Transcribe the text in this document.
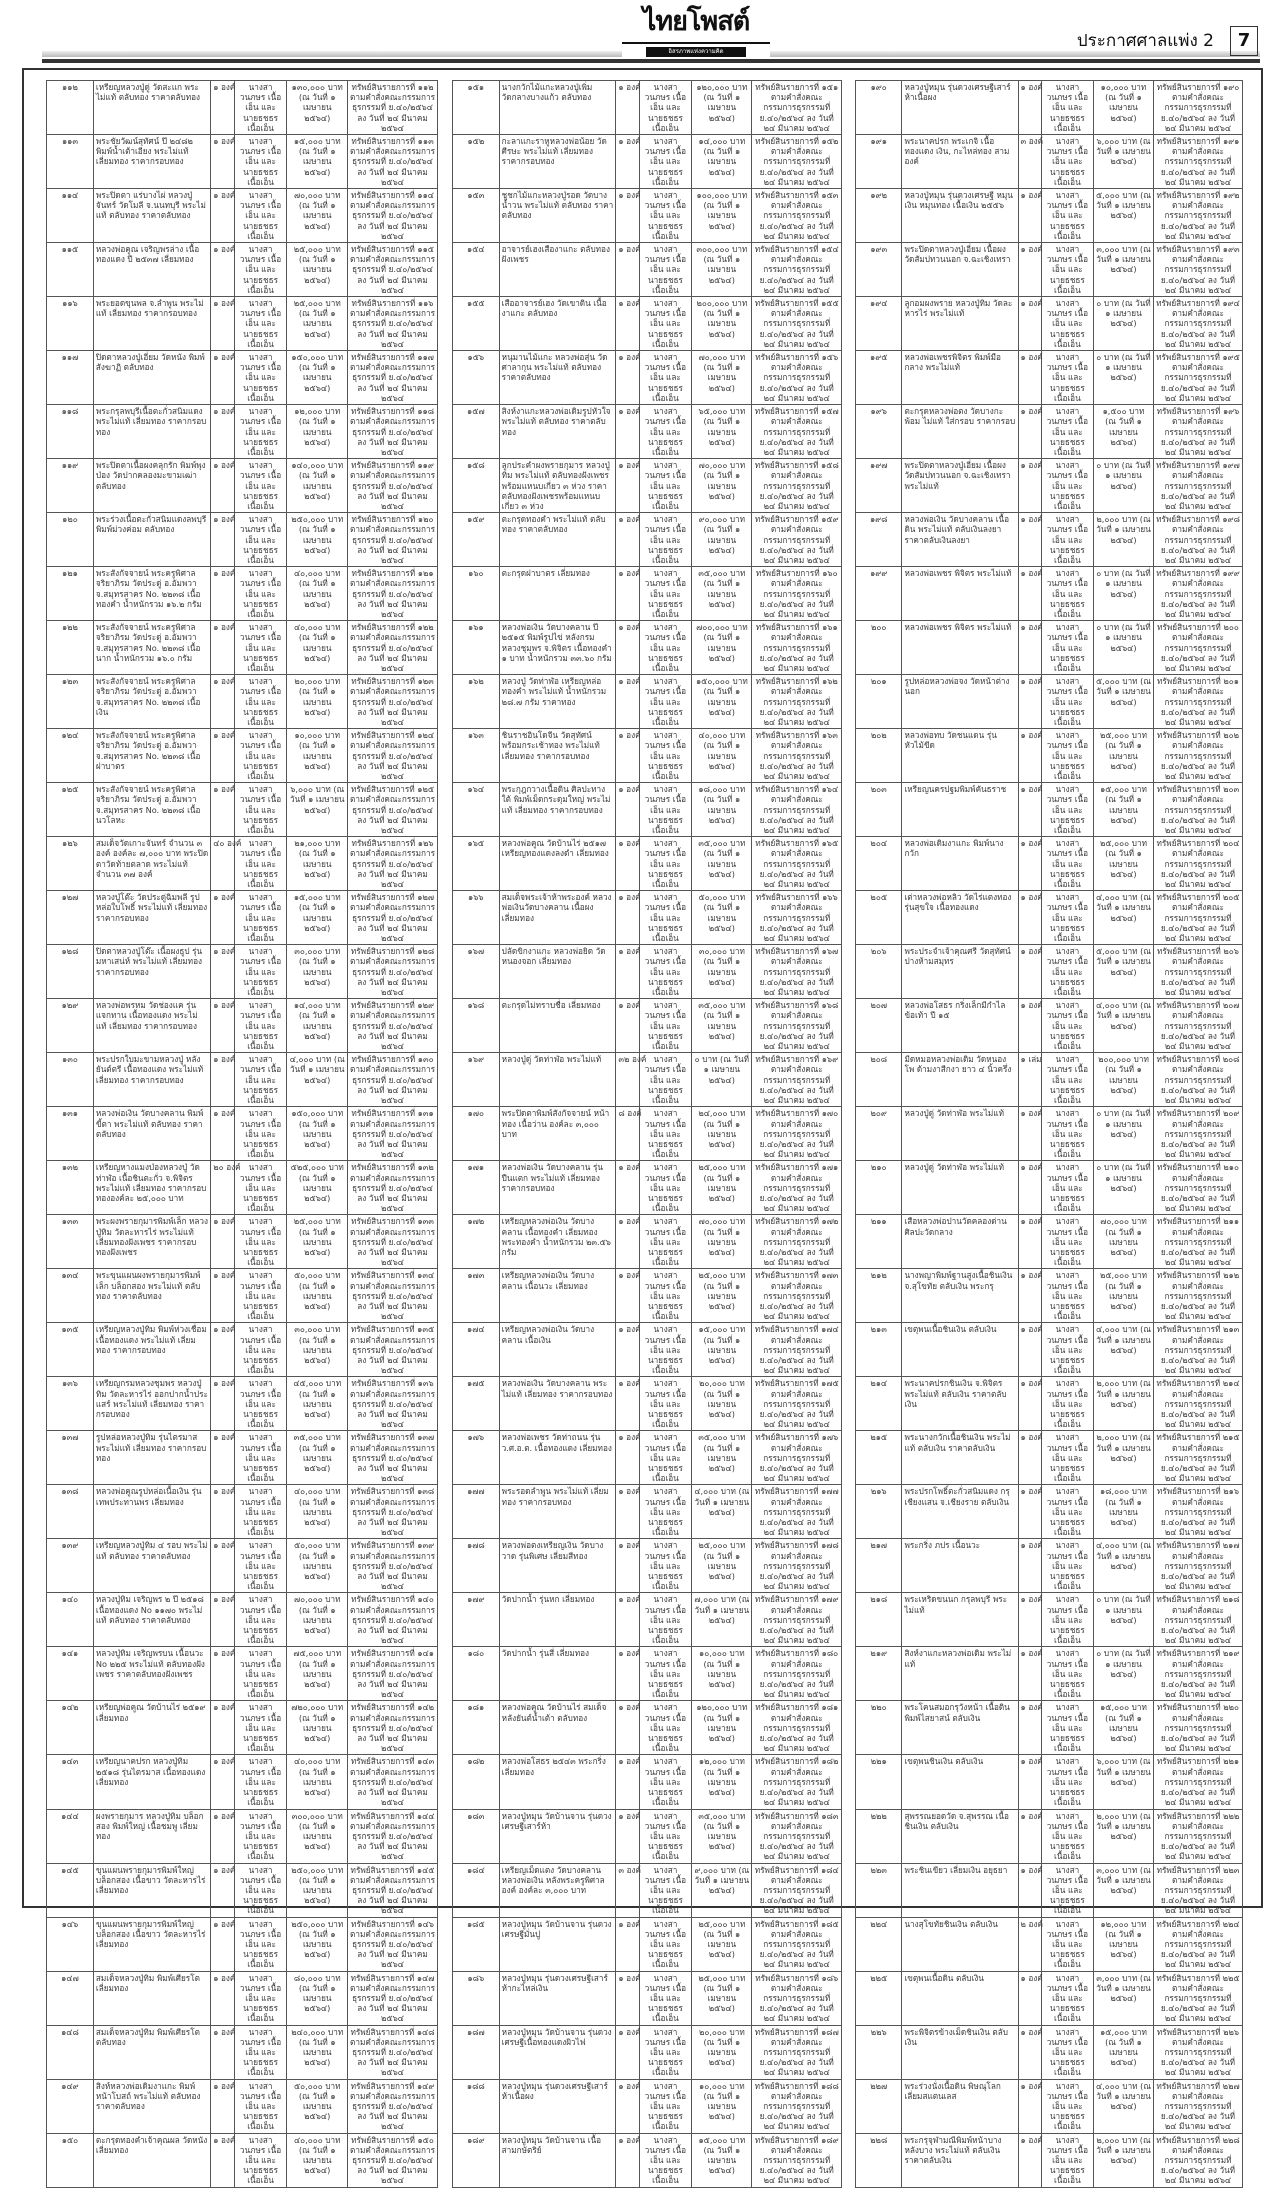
ไทยโพสต์
อิสรภาพแห่งความคิด
ประกาศศาลแพ่ง 2	7
๑๑๒	เหรียญหลวงปู่ดู่ วัดสะแก พระไม่แท้ ตลับทอง ราคาตลับทอง	๑ องค์	นางสาวนภษร เนื้อเอ็น และ นายธชธร เนื้อเอ็น	๑๓๐,๐๐๐ บาท (ณ วันที่ ๑ เมษายน ๒๕๖๔)	ทรัพย์สินรายการที่ ๑๑๒ ตามคำสั่งคณะกรรมการธุรกรรมที่ ย.๔๐/๒๕๖๔ ลง วันที่ ๒๔ มีนาคม ๒๕๖๔
๑๑๓	พระชัยวัฒน์สุทัศน์ ปี ๒๔๘๒ พิมพ์น้ำเต้าเอียง พระไม่แท้ เลี่ยมทอง ราคากรอบทอง	๑ องค์	นางสาวนภษร เนื้อเอ็น และ นายธชธร เนื้อเอ็น	๑๕,๐๐๐ บาท (ณ วันที่ ๑ เมษายน ๒๕๖๔)	ทรัพย์สินรายการที่ ๑๑๓ ตามคำสั่งคณะกรรมการธุรกรรมที่ ย.๔๐/๒๕๖๔ ลง วันที่ ๒๔ มีนาคม ๒๕๖๔
๑๑๔	พระปิดตา แร่บางไผ่ หลวงปู่จันทร์ วัดโมลี จ.นนทบุรี พระไม่แท้ ตลับทอง ราคาตลับทอง	๑ องค์	นางสาวนภษร เนื้อเอ็น และ นายธชธร เนื้อเอ็น	๗๐,๐๐๐ บาท (ณ วันที่ ๑ เมษายน ๒๕๖๔)	ทรัพย์สินรายการที่ ๑๑๔ ตามคำสั่งคณะกรรมการธุรกรรมที่ ย.๔๐/๒๕๖๔ ลง วันที่ ๒๔ มีนาคม ๒๕๖๔
๑๑๕	หลวงพ่อคูณ เจริญพรล่าง เนื้อทองแดง ปี ๒๕๓๗ เลี่ยมทอง	๑ องค์	นางสาวนภษร เนื้อเอ็น และ นายธชธร เนื้อเอ็น	๒๕,๐๐๐ บาท (ณ วันที่ ๑ เมษายน ๒๕๖๔)	ทรัพย์สินรายการที่ ๑๑๕ ตามคำสั่งคณะกรรมการธุรกรรมที่ ย.๔๐/๒๕๖๔ ลง วันที่ ๒๔ มีนาคม ๒๕๖๔
๑๑๖	พระยอดขุนพล จ.ลำพูน พระไม่แท้ เลี่ยมทอง ราคากรอบทอง	๑ องค์	นางสาวนภษร เนื้อเอ็น และ นายธชธร เนื้อเอ็น	๒๕,๐๐๐ บาท (ณ วันที่ ๑ เมษายน ๒๕๖๔)	ทรัพย์สินรายการที่ ๑๑๖ ตามคำสั่งคณะกรรมการธุรกรรมที่ ย.๔๐/๒๕๖๔ ลง วันที่ ๒๔ มีนาคม ๒๕๖๔
๑๑๗	ปิดตาหลวงปู่เอี่ยม วัดหนัง พิมพ์สังฆาฏิ ตลับทอง	๑ องค์	นางสาวนภษร เนื้อเอ็น และ นายธชธร เนื้อเอ็น	๑๕๐,๐๐๐ บาท (ณ วันที่ ๑ เมษายน ๒๕๖๔)	ทรัพย์สินรายการที่ ๑๑๗ ตามคำสั่งคณะกรรมการธุรกรรมที่ ย.๔๐/๒๕๖๔ ลง วันที่ ๒๔ มีนาคม ๒๕๖๔
๑๑๘	พระกรุลพบุรีเนื้อตะกั่วสนิมแดง พระไม่แท้ เลี่ยมทอง ราคากรอบทอง	๑ องค์	นางสาวนภษร เนื้อเอ็น และ นายธชธร เนื้อเอ็น	๑๒,๐๐๐ บาท (ณ วันที่ ๑ เมษายน ๒๕๖๔)	ทรัพย์สินรายการที่ ๑๑๘ ตามคำสั่งคณะกรรมการธุรกรรมที่ ย.๔๐/๒๕๖๔ ลง วันที่ ๒๔ มีนาคม ๒๕๖๔
๑๑๙	พระปิดตาเนื้อผงคลุกรัก พิมพ์พุงป่อง วัดปากคลองมะขามเฒ่า ตลับทอง	๑ องค์	นางสาวนภษร เนื้อเอ็น และ นายธชธร เนื้อเอ็น	๑๔๐,๐๐๐ บาท (ณ วันที่ ๑ เมษายน ๒๕๖๔)	ทรัพย์สินรายการที่ ๑๑๙ ตามคำสั่งคณะกรรมการธุรกรรมที่ ย.๔๐/๒๕๖๔ ลง วันที่ ๒๔ มีนาคม ๒๕๖๔
๑๒๐	พระร่วงเนื้อตะกั่วสนิมแดงลพบุรี พิมพ์ม่วงค่อม ตลับทอง	๑ องค์	นางสาวนภษร เนื้อเอ็น และ นายธชธร เนื้อเอ็น	๒๕๐,๐๐๐ บาท (ณ วันที่ ๑ เมษายน ๒๕๖๔)	ทรัพย์สินรายการที่ ๑๒๐ ตามคำสั่งคณะกรรมการธุรกรรมที่ ย.๔๐/๒๕๖๔ ลง วันที่ ๒๔ มีนาคม ๒๕๖๔
๑๒๑	พระสังกัจจายน์ พระครูพิศาลจริยาภิรม วัดประดู่ อ.อัมพวา จ.สมุทรสาคร No. ๒๒๓๘ เนื้อทองคำ น้ำหนักรวม ๑๖.๒ กรัม	๑ องค์	นางสาวนภษร เนื้อเอ็น และ นายธชธร เนื้อเอ็น	๔๐,๐๐๐ บาท (ณ วันที่ ๑ เมษายน ๒๕๖๔)	ทรัพย์สินรายการที่ ๑๒๑ ตามคำสั่งคณะกรรมการธุรกรรมที่ ย.๔๐/๒๕๖๔ ลง วันที่ ๒๔ มีนาคม ๒๕๖๔
๑๒๒	พระสังกัจจายน์ พระครูพิศาลจริยาภิรม วัดประดู่ อ.อัมพวา จ.สมุทรสาคร No. ๒๒๓๘ เนื้อนาก น้ำหนักรวม ๑๖.๐ กรัม	๑ องค์	นางสาวนภษร เนื้อเอ็น และ นายธชธร เนื้อเอ็น	๔๐,๐๐๐ บาท (ณ วันที่ ๑ เมษายน ๒๕๖๔)	ทรัพย์สินรายการที่ ๑๒๒ ตามคำสั่งคณะกรรมการธุรกรรมที่ ย.๔๐/๒๕๖๔ ลง วันที่ ๒๔ มีนาคม ๒๕๖๔
๑๒๓	พระสังกัจจายน์ พระครูพิศาลจริยาภิรม วัดประดู่ อ.อัมพวา จ.สมุทรสาคร No. ๒๒๓๘ เนื้อเงิน	๑ องค์	นางสาวนภษร เนื้อเอ็น และ นายธชธร เนื้อเอ็น	๒๐,๐๐๐ บาท (ณ วันที่ ๑ เมษายน ๒๕๖๔)	ทรัพย์สินรายการที่ ๑๒๓ ตามคำสั่งคณะกรรมการธุรกรรมที่ ย.๔๐/๒๕๖๔ ลง วันที่ ๒๔ มีนาคม ๒๕๖๔
๑๒๔	พระสังกัจจายน์ พระครูพิศาลจริยาภิรม วัดประดู่ อ.อัมพวา จ.สมุทรสาคร No. ๒๒๓๘ เนื้อฝาบาตร	๑ องค์	นางสาวนภษร เนื้อเอ็น และ นายธชธร เนื้อเอ็น	๑๐,๐๐๐ บาท (ณ วันที่ ๑ เมษายน ๒๕๖๔)	ทรัพย์สินรายการที่ ๑๒๔ ตามคำสั่งคณะกรรมการธุรกรรมที่ ย.๔๐/๒๕๖๔ ลง วันที่ ๒๔ มีนาคม ๒๕๖๔
๑๒๕	พระสังกัจจายน์ พระครูพิศาลจริยาภิรม วัดประดู่ อ.อัมพวา จ.สมุทรสาคร No. ๒๒๓๘ เนื้อนวโลหะ	๑ องค์	นางสาวนภษร เนื้อเอ็น และ นายธชธร เนื้อเอ็น	๖,๐๐๐ บาท (ณ วันที่ ๑ เมษายน ๒๕๖๔)	ทรัพย์สินรายการที่ ๑๒๕ ตามคำสั่งคณะกรรมการธุรกรรมที่ ย.๔๐/๒๕๖๔ ลง วันที่ ๒๔ มีนาคม ๒๕๖๔
๑๒๖	สมเด็จวัดเกาะจันทร์ จำนวน ๓ องค์ องค์ละ ๗,๐๐๐ บาท พระปิดตาวัดท้ายตลาด พระไม่แท้ จำนวน ๓๗ องค์	๔๐ องค์	นางสาวนภษร เนื้อเอ็น และ นายธชธร เนื้อเอ็น	๒๑,๐๐๐ บาท (ณ วันที่ ๑ เมษายน ๒๕๖๔)	ทรัพย์สินรายการที่ ๑๒๖ ตามคำสั่งคณะกรรมการธุรกรรมที่ ย.๔๐/๒๕๖๔ ลง วันที่ ๒๔ มีนาคม ๒๕๖๔
๑๒๗	หลวงปู่โต๊ะ วัดประดู่ฉิมพลี รูปหล่อใบโพธิ์ พระไม่แท้ เลี่ยมทอง ราคากรอบทอง	๑ องค์	นางสาวนภษร เนื้อเอ็น และ นายธชธร เนื้อเอ็น	๑๕,๐๐๐ บาท (ณ วันที่ ๑ เมษายน ๒๕๖๔)	ทรัพย์สินรายการที่ ๑๒๗ ตามคำสั่งคณะกรรมการธุรกรรมที่ ย.๔๐/๒๕๖๔ ลง วันที่ ๒๔ มีนาคม ๒๕๖๔
๑๒๘	ปิดตาหลวงปู่โต๊ะ เนื้อผงธูป รุ่นมหาเสน่ห์ พระไม่แท้ เลี่ยมทอง ราคากรอบทอง	๑ องค์	นางสาวนภษร เนื้อเอ็น และ นายธชธร เนื้อเอ็น	๓๐,๐๐๐ บาท (ณ วันที่ ๑ เมษายน ๒๕๖๔)	ทรัพย์สินรายการที่ ๑๒๘ ตามคำสั่งคณะกรรมการธุรกรรมที่ ย.๔๐/๒๕๖๔ ลง วันที่ ๒๔ มีนาคม ๒๕๖๔
๑๒๙	หลวงพ่อพรหม วัดช่องแค รุ่นแจกทาน เนื้อทองแดง พระไม่แท้ เลี่ยมทอง ราคากรอบทอง	๑ องค์	นางสาวนภษร เนื้อเอ็น และ นายธชธร เนื้อเอ็น	๑๔,๐๐๐ บาท (ณ วันที่ ๑ เมษายน ๒๕๖๔)	ทรัพย์สินรายการที่ ๑๒๙ ตามคำสั่งคณะกรรมการธุรกรรมที่ ย.๔๐/๒๕๖๔ ลง วันที่ ๒๔ มีนาคม ๒๕๖๔
๑๓๐	พระปรกใบมะขามหลวงปู่ หลังยันต์ตรี เนื้อทองแดง พระไม่แท้ เลี่ยมทอง ราคากรอบทอง	๑ องค์	นางสาวนภษร เนื้อเอ็น และ นายธชธร เนื้อเอ็น	๔,๐๐๐ บาท (ณ วันที่ ๑ เมษายน ๒๕๖๔)	ทรัพย์สินรายการที่ ๑๓๐ ตามคำสั่งคณะกรรมการธุรกรรมที่ ย.๔๐/๒๕๖๔ ลง วันที่ ๒๔ มีนาคม ๒๕๖๔
๑๓๑	หลวงพ่อเงิน วัดบางคลาน พิมพ์ขี้ตา พระไม่แท้ ตลับทอง ราคาตลับทอง	๑ องค์	นางสาวนภษร เนื้อเอ็น และ นายธชธร เนื้อเอ็น	๑๕๐,๐๐๐ บาท (ณ วันที่ ๑ เมษายน ๒๕๖๔)	ทรัพย์สินรายการที่ ๑๓๑ ตามคำสั่งคณะกรรมการธุรกรรมที่ ย.๔๐/๒๕๖๔ ลง วันที่ ๒๔ มีนาคม ๒๕๖๔
๑๓๒	เหรียญหางแมงป่องหลวงปู่ วัดท่าฬ่อ เนื้อชินตะกั่ว จ.พิจิตร พระไม่แท้ เลี่ยมทอง ราคากรอบทององค์ละ ๒๕,๐๐๐ บาท	๒๐ องค์	นางสาวนภษร เนื้อเอ็น และ นายธชธร เนื้อเอ็น	๕๒๕,๐๐๐ บาท (ณ วันที่ ๑ เมษายน ๒๕๖๔)	ทรัพย์สินรายการที่ ๑๓๒ ตามคำสั่งคณะกรรมการธุรกรรมที่ ย.๔๐/๒๕๖๔ ลง วันที่ ๒๔ มีนาคม ๒๕๖๔
๑๓๓	พระผงพรายกุมารพิมพ์เล็ก หลวงปู่ทิม วัดละหารไร่ พระไม่แท้ เลี่ยมทองฝังเพชร ราคากรอบทองฝังเพชร	๑ องค์	นางสาวนภษร เนื้อเอ็น และ นายธชธร เนื้อเอ็น	๒๕,๐๐๐ บาท (ณ วันที่ ๑ เมษายน ๒๕๖๔)	ทรัพย์สินรายการที่ ๑๓๓ ตามคำสั่งคณะกรรมการธุรกรรมที่ ย.๔๐/๒๕๖๔ ลง วันที่ ๒๔ มีนาคม ๒๕๖๔
๑๓๔	พระขุนแผนผงพรายกุมารพิมพ์เล็ก บล็อกสอง พระไม่แท้ ตลับทอง ราคาตลับทอง	๑ องค์	นางสาวนภษร เนื้อเอ็น และ นายธชธร เนื้อเอ็น	๕๐,๐๐๐ บาท (ณ วันที่ ๑ เมษายน ๒๕๖๔)	ทรัพย์สินรายการที่ ๑๓๔ ตามคำสั่งคณะกรรมการธุรกรรมที่ ย.๔๐/๒๕๖๔ ลง วันที่ ๒๔ มีนาคม ๒๕๖๔
๑๓๕	เหรียญหลวงปู่ทิม พิมพ์ห่วงเชื่อม เนื้อทองแดง พระไม่แท้ เลี่ยมทอง ราคากรอบทอง	๑ องค์	นางสาวนภษร เนื้อเอ็น และ นายธชธร เนื้อเอ็น	๓๐,๐๐๐ บาท (ณ วันที่ ๑ เมษายน ๒๕๖๔)	ทรัพย์สินรายการที่ ๑๓๕ ตามคำสั่งคณะกรรมการธุรกรรมที่ ย.๔๐/๒๕๖๔ ลง วันที่ ๒๔ มีนาคม ๒๕๖๔
๑๓๖	เหรียญกรมหลวงชุมพร หลวงปู่ทิม วัดละหารไร่ ออกปากน้ำประแสร์ พระไม่แท้ เลี่ยมทอง ราคากรอบทอง	๑ องค์	นางสาวนภษร เนื้อเอ็น และ นายธชธร เนื้อเอ็น	๔๕,๐๐๐ บาท (ณ วันที่ ๑ เมษายน ๒๕๖๔)	ทรัพย์สินรายการที่ ๑๓๖ ตามคำสั่งคณะกรรมการธุรกรรมที่ ย.๔๐/๒๕๖๔ ลง วันที่ ๒๔ มีนาคม ๒๕๖๔
๑๓๗	รูปหล่อหลวงปู่ทิม รุ่นไตรมาส พระไม่แท้ เลี่ยมทอง ราคากรอบทอง	๑ องค์	นางสาวนภษร เนื้อเอ็น และ นายธชธร เนื้อเอ็น	๓๕,๐๐๐ บาท (ณ วันที่ ๑ เมษายน ๒๕๖๔)	ทรัพย์สินรายการที่ ๑๓๗ ตามคำสั่งคณะกรรมการธุรกรรมที่ ย.๔๐/๒๕๖๔ ลง วันที่ ๒๔ มีนาคม ๒๕๖๔
๑๓๘	หลวงพ่อคูณรูปหล่อเนื้อเงิน รุ่นเทพประทานพร เลี่ยมทอง	๑ องค์	นางสาวนภษร เนื้อเอ็น และ นายธชธร เนื้อเอ็น	๔๐,๐๐๐ บาท (ณ วันที่ ๑ เมษายน ๒๕๖๔)	ทรัพย์สินรายการที่ ๑๓๘ ตามคำสั่งคณะกรรมการธุรกรรมที่ ย.๔๐/๒๕๖๔ ลง วันที่ ๒๔ มีนาคม ๒๕๖๔
๑๓๙	เหรียญหลวงปู่ทิม ๔ รอบ พระไม่แท้ ตลับทอง ราคาตลับทอง	๑ องค์	นางสาวนภษร เนื้อเอ็น และ นายธชธร เนื้อเอ็น	๕๐,๐๐๐ บาท (ณ วันที่ ๑ เมษายน ๒๕๖๔)	ทรัพย์สินรายการที่ ๑๓๙ ตามคำสั่งคณะกรรมการธุรกรรมที่ ย.๔๐/๒๕๖๔ ลง วันที่ ๒๔ มีนาคม ๒๕๖๔
๑๔๐	หลวงปู่ทิม เจริญพร ๒ ปี ๒๕๑๘ เนื้อทองแดง No ๑๑๗๐ พระไม่แท้ ตลับทอง ราคาตลับทอง	๑ องค์	นางสาวนภษร เนื้อเอ็น และ นายธชธร เนื้อเอ็น	๗๐,๐๐๐ บาท (ณ วันที่ ๑ เมษายน ๒๕๖๔)	ทรัพย์สินรายการที่ ๑๔๐ ตามคำสั่งคณะกรรมการธุรกรรมที่ ย.๔๐/๒๕๖๔ ลง วันที่ ๒๔ มีนาคม ๒๕๖๔
๑๔๑	หลวงปู่ทิม เจริญพรบน เนื้อนวะ No ๒๒๕ พระไม่แท้ ตลับทองฝังเพชร ราคาตลับทองฝังเพชร	๑ องค์	นางสาวนภษร เนื้อเอ็น และ นายธชธร เนื้อเอ็น	๗๕,๐๐๐ บาท (ณ วันที่ ๑ เมษายน ๒๕๖๔)	ทรัพย์สินรายการที่ ๑๔๑ ตามคำสั่งคณะกรรมการธุรกรรมที่ ย.๔๐/๒๕๖๔ ลง วันที่ ๒๔ มีนาคม ๒๕๖๔
๑๔๒	เหรียญพ่อคูณ วัดบ้านไร่ ๒๕๑๙ เลี่ยมทอง	๑ องค์	นางสาวนภษร เนื้อเอ็น และ นายธชธร เนื้อเอ็น	๗๒๐,๐๐๐ บาท (ณ วันที่ ๑ เมษายน ๒๕๖๔)	ทรัพย์สินรายการที่ ๑๔๒ ตามคำสั่งคณะกรรมการธุรกรรมที่ ย.๔๐/๒๕๖๔ ลง วันที่ ๒๔ มีนาคม ๒๕๖๔
๑๔๓	เหรียญนาคปรก หลวงปู่ทิม ๒๕๑๘ รุ่นไตรมาส เนื้อทองแดง เลี่ยมทอง	๑ องค์	นางสาวนภษร เนื้อเอ็น และ นายธชธร เนื้อเอ็น	๔๐,๐๐๐ บาท (ณ วันที่ ๑ เมษายน ๒๕๖๔)	ทรัพย์สินรายการที่ ๑๔๓ ตามคำสั่งคณะกรรมการธุรกรรมที่ ย.๔๐/๒๕๖๔ ลง วันที่ ๒๔ มีนาคม ๒๕๖๔
๑๔๔	ผงพรายกุมาร หลวงปู่ทิม บล็อกสอง พิมพ์ใหญ่ เนื้อชมพู เลี่ยมทอง	๑ องค์	นางสาวนภษร เนื้อเอ็น และ นายธชธร เนื้อเอ็น	๓๐๐,๐๐๐ บาท (ณ วันที่ ๑ เมษายน ๒๕๖๔)	ทรัพย์สินรายการที่ ๑๔๔ ตามคำสั่งคณะกรรมการธุรกรรมที่ ย.๔๐/๒๕๖๔ ลง วันที่ ๒๔ มีนาคม ๒๕๖๔
๑๔๕	ขุนแผนพรายกุมารพิมพ์ใหญ่ บล็อกสอง เนื้อขาว วัดละหารไร่ เลี่ยมทอง	๑ องค์	นางสาวนภษร เนื้อเอ็น และ นายธชธร เนื้อเอ็น	๒๕๐,๐๐๐ บาท (ณ วันที่ ๑ เมษายน ๒๕๖๔)	ทรัพย์สินรายการที่ ๑๔๕ ตามคำสั่งคณะกรรมการธุรกรรมที่ ย.๔๐/๒๕๖๔ ลง วันที่ ๒๔ มีนาคม ๒๕๖๔
๑๔๖	ขุนแผนพรายกุมารพิมพ์ใหญ่ บล็อกสอง เนื้อขาว วัดละหารไร่ เลี่ยมทอง	๑ องค์	นางสาวนภษร เนื้อเอ็น และ นายธชธร เนื้อเอ็น	๒๕๐,๐๐๐ บาท (ณ วันที่ ๑ เมษายน ๒๕๖๔)	ทรัพย์สินรายการที่ ๑๔๖ ตามคำสั่งคณะกรรมการธุรกรรมที่ ย.๔๐/๒๕๖๔ ลง วันที่ ๒๔ มีนาคม ๒๕๖๔
๑๔๗	สมเด็จหลวงปู่ทิม พิมพ์เศียรโต เลี่ยมทอง	๑ องค์	นางสาวนภษร เนื้อเอ็น และ นายธชธร เนื้อเอ็น	๘๐,๐๐๐ บาท (ณ วันที่ ๑ เมษายน ๒๕๖๔)	ทรัพย์สินรายการที่ ๑๔๗ ตามคำสั่งคณะกรรมการธุรกรรมที่ ย.๔๐/๒๕๖๔ ลง วันที่ ๒๔ มีนาคม ๒๕๖๔
๑๔๘	สมเด็จหลวงปู่ทิม พิมพ์เศียรโต ตลับทอง	๑ องค์	นางสาวนภษร เนื้อเอ็น และ นายธชธร เนื้อเอ็น	๒๔๐,๐๐๐ บาท (ณ วันที่ ๑ เมษายน ๒๕๖๔)	ทรัพย์สินรายการที่ ๑๔๘ ตามคำสั่งคณะกรรมการธุรกรรมที่ ย.๔๐/๒๕๖๔ ลง วันที่ ๒๔ มีนาคม ๒๕๖๔
๑๔๙	สิงห์หลวงพ่อเดิมงาแกะ พิมพ์หน้าโบสถ์ พระไม่แท้ ตลับทอง ราคาตลับทอง	๑ องค์	นางสาวนภษร เนื้อเอ็น และ นายธชธร เนื้อเอ็น	๕๐,๐๐๐ บาท (ณ วันที่ ๑ เมษายน ๒๕๖๔)	ทรัพย์สินรายการที่ ๑๔๙ ตามคำสั่งคณะกรรมการธุรกรรมที่ ย.๔๐/๒๕๖๔ ลง วันที่ ๒๔ มีนาคม ๒๕๖๔
๑๕๐	ตะกรุดทองคำเจ้าคุณผล วัดหนัง เลี่ยมทอง	๑ องค์	นางสาวนภษร เนื้อเอ็น และ นายธชธร เนื้อเอ็น	๔๐,๐๐๐ บาท (ณ วันที่ ๑ เมษายน ๒๕๖๔)	ทรัพย์สินรายการที่ ๑๕๐ ตามคำสั่งคณะกรรมการธุรกรรมที่ ย.๔๐/๒๕๖๔ ลง วันที่ ๒๔ มีนาคม ๒๕๖๔
๑๕๑	นางกวักไม้แกะหลวงปู่เพิ่ม วัดกลางบางแก้ว ตลับทอง	๑ องค์	นางสาวนภษร เนื้อเอ็น และ นายธชธร เนื้อเอ็น	๑๒๐,๐๐๐ บาท (ณ วันที่ ๑ เมษายน ๒๕๖๔)	ทรัพย์สินรายการที่ ๑๕๑ ตามคำสั่งคณะกรรมการธุรกรรมที่ ย.๔๐/๒๕๖๔ ลง วันที่ ๒๔ มีนาคม ๒๕๖๔
๑๕๒	กะลาแกะราหูหลวงพ่อน้อย วัดศีรษะ พระไม่แท้ เลี่ยมทอง ราคากรอบทอง	๑ องค์	นางสาวนภษร เนื้อเอ็น และ นายธชธร เนื้อเอ็น	๑๔,๐๐๐ บาท (ณ วันที่ ๑ เมษายน ๒๕๖๔)	ทรัพย์สินรายการที่ ๑๕๒ ตามคำสั่งคณะกรรมการธุรกรรมที่ ย.๔๐/๒๕๖๔ ลง วันที่ ๒๔ มีนาคม ๒๕๖๔
๑๕๓	ชูชกไม้แกะหลวงปู่รอด วัดบางน้ำวน พระไม่แท้ ตลับทอง ราคาตลับทอง	๑ องค์	นางสาวนภษร เนื้อเอ็น และ นายธชธร เนื้อเอ็น	๑๐๐,๐๐๐ บาท (ณ วันที่ ๑ เมษายน ๒๕๖๔)	ทรัพย์สินรายการที่ ๑๕๓ ตามคำสั่งคณะกรรมการธุรกรรมที่ ย.๔๐/๒๕๖๔ ลง วันที่ ๒๔ มีนาคม ๒๕๖๔
๑๕๔	อาจารย์เฮงเสืองาแกะ ตลับทองฝังเพชร	๑ องค์	นางสาวนภษร เนื้อเอ็น และ นายธชธร เนื้อเอ็น	๓๐๐,๐๐๐ บาท (ณ วันที่ ๑ เมษายน ๒๕๖๔)	ทรัพย์สินรายการที่ ๑๕๔ ตามคำสั่งคณะกรรมการธุรกรรมที่ ย.๔๐/๒๕๖๔ ลง วันที่ ๒๔ มีนาคม ๒๕๖๔
๑๕๕	เสืออาจารย์เฮง วัดเขาดิน เนื้องาแกะ ตลับทอง	๑ องค์	นางสาวนภษร เนื้อเอ็น และ นายธชธร เนื้อเอ็น	๒๐๐,๐๐๐ บาท (ณ วันที่ ๑ เมษายน ๒๕๖๔)	ทรัพย์สินรายการที่ ๑๕๕ ตามคำสั่งคณะกรรมการธุรกรรมที่ ย.๔๐/๒๕๖๔ ลง วันที่ ๒๔ มีนาคม ๒๕๖๔
๑๕๖	หนุมานไม้แกะ หลวงพ่อสุ่น วัดศาลากุน พระไม่แท้ ตลับทอง ราคาตลับทอง	๑ องค์	นางสาวนภษร เนื้อเอ็น และ นายธชธร เนื้อเอ็น	๗๐,๐๐๐ บาท (ณ วันที่ ๑ เมษายน ๒๕๖๔)	ทรัพย์สินรายการที่ ๑๕๖ ตามคำสั่งคณะกรรมการธุรกรรมที่ ย.๔๐/๒๕๖๔ ลง วันที่ ๒๔ มีนาคม ๒๕๖๔
๑๕๗	สิงห์งาแกะหลวงพ่อเดิมรูปหัวใจ พระไม่แท้ ตลับทอง ราคาตลับทอง	๑ องค์	นางสาวนภษร เนื้อเอ็น และ นายธชธร เนื้อเอ็น	๖๕,๐๐๐ บาท (ณ วันที่ ๑ เมษายน ๒๕๖๔)	ทรัพย์สินรายการที่ ๑๕๗ ตามคำสั่งคณะกรรมการธุรกรรมที่ ย.๔๐/๒๕๖๔ ลง วันที่ ๒๔ มีนาคม ๒๕๖๔
๑๕๘	ลูกประคำผงพรายกุมาร หลวงปู่ทิม พระไม่แท้ ตลับทองฝังเพชรพร้อมแหนบเกี่ยว ๓ ห่วง ราคาตลับทองฝังเพชรพร้อมแหนบเกี่ยว ๓ ห่วง	๑ องค์	นางสาวนภษร เนื้อเอ็น และ นายธชธร เนื้อเอ็น	๗๐,๐๐๐ บาท (ณ วันที่ ๑ เมษายน ๒๕๖๔)	ทรัพย์สินรายการที่ ๑๕๘ ตามคำสั่งคณะกรรมการธุรกรรมที่ ย.๔๐/๒๕๖๔ ลง วันที่ ๒๔ มีนาคม ๒๕๖๔
๑๕๙	ตะกรุดทองคำ พระไม่แท้ ตลับทอง ราคาตลับทอง	๑ องค์	นางสาวนภษร เนื้อเอ็น และ นายธชธร เนื้อเอ็น	๙๐,๐๐๐ บาท (ณ วันที่ ๑ เมษายน ๒๕๖๔)	ทรัพย์สินรายการที่ ๑๕๙ ตามคำสั่งคณะกรรมการธุรกรรมที่ ย.๔๐/๒๕๖๔ ลง วันที่ ๒๔ มีนาคม ๒๕๖๔
๑๖๐	ตะกรุดฝาบาตร เลี่ยมทอง	๑ องค์	นางสาวนภษร เนื้อเอ็น และ นายธชธร เนื้อเอ็น	๓๕,๐๐๐ บาท (ณ วันที่ ๑ เมษายน ๒๕๖๔)	ทรัพย์สินรายการที่ ๑๖๐ ตามคำสั่งคณะกรรมการธุรกรรมที่ ย.๔๐/๒๕๖๔ ลง วันที่ ๒๔ มีนาคม ๒๕๖๔
๑๖๑	หลวงพ่อเงิน วัดบางคลาน ปี ๒๕๑๕ พิมพ์รูปไข่ หลังกรมหลวงชุมพร จ.พิจิตร เนื้อทองคำ ๑ บาท น้ำหนักรวม ๓๓.๖๐ กรัม	๑ องค์	นางสาวนภษร เนื้อเอ็น และ นายธชธร เนื้อเอ็น	๗๐๐,๐๐๐ บาท (ณ วันที่ ๑ เมษายน ๒๕๖๔)	ทรัพย์สินรายการที่ ๑๖๑ ตามคำสั่งคณะกรรมการธุรกรรมที่ ย.๔๐/๒๕๖๔ ลง วันที่ ๒๔ มีนาคม ๒๕๖๔
๑๖๒	หลวงปู่ วัดท่าฬ่อ เหรียญหล่อทองคำ พระไม่แท้ น้ำหนักรวม ๒๘.๗ กรัม ราคาทอง	๑ องค์	นางสาวนภษร เนื้อเอ็น และ นายธชธร เนื้อเอ็น	๑๕๐,๐๐๐ บาท (ณ วันที่ ๑ เมษายน ๒๕๖๔)	ทรัพย์สินรายการที่ ๑๖๒ ตามคำสั่งคณะกรรมการธุรกรรมที่ ย.๔๐/๒๕๖๔ ลง วันที่ ๒๔ มีนาคม ๒๕๖๔
๑๖๓	ชินราชอินโดจีน วัดสุทัศน์ พร้อมกระเช้าทอง พระไม่แท้ เลี่ยมทอง ราคากรอบทอง	๑ องค์	นางสาวนภษร เนื้อเอ็น และ นายธชธร เนื้อเอ็น	๔๐,๐๐๐ บาท (ณ วันที่ ๑ เมษายน ๒๕๖๔)	ทรัพย์สินรายการที่ ๑๖๓ ตามคำสั่งคณะกรรมการธุรกรรมที่ ย.๔๐/๒๕๖๔ ลง วันที่ ๒๔ มีนาคม ๒๕๖๔
๑๖๔	พระกุฎกวางเนื้อดิน ศิลปะทางใต้ พิมพ์เม็ดกระดุมใหญ่ พระไม่แท้ เลี่ยมทอง ราคากรอบทอง	๑ องค์	นางสาวนภษร เนื้อเอ็น และ นายธชธร เนื้อเอ็น	๑๘,๐๐๐ บาท (ณ วันที่ ๑ เมษายน ๒๕๖๔)	ทรัพย์สินรายการที่ ๑๖๔ ตามคำสั่งคณะกรรมการธุรกรรมที่ ย.๔๐/๒๕๖๔ ลง วันที่ ๒๔ มีนาคม ๒๕๖๔
๑๖๕	หลวงพ่อคูณ วัดบ้านไร่ ๒๕๑๗ เหรียญทองแดงลงดำ เลี่ยมทอง	๑ องค์	นางสาวนภษร เนื้อเอ็น และ นายธชธร เนื้อเอ็น	๓๕,๐๐๐ บาท (ณ วันที่ ๑ เมษายน ๒๕๖๔)	ทรัพย์สินรายการที่ ๑๖๕ ตามคำสั่งคณะกรรมการธุรกรรมที่ ย.๔๐/๒๕๖๔ ลง วันที่ ๒๔ มีนาคม ๒๕๖๔
๑๖๖	สมเด็จพระเจ้าห้าพระองค์ หลวงพ่อเงินวัดบางคลาน เนื้อผง เลี่ยมทอง	๑ องค์	นางสาวนภษร เนื้อเอ็น และ นายธชธร เนื้อเอ็น	๕๐,๐๐๐ บาท (ณ วันที่ ๑ เมษายน ๒๕๖๔)	ทรัพย์สินรายการที่ ๑๖๖ ตามคำสั่งคณะกรรมการธุรกรรมที่ ย.๔๐/๒๕๖๔ ลง วันที่ ๒๔ มีนาคม ๒๕๖๔
๑๖๗	ปลัดขิกงาแกะ หลวงพ่อยิด วัดหนองจอก เลี่ยมทอง	๑ องค์	นางสาวนภษร เนื้อเอ็น และ นายธชธร เนื้อเอ็น	๓๐,๐๐๐ บาท (ณ วันที่ ๑ เมษายน ๒๕๖๔)	ทรัพย์สินรายการที่ ๑๖๗ ตามคำสั่งคณะกรรมการธุรกรรมที่ ย.๔๐/๒๕๖๔ ลง วันที่ ๒๔ มีนาคม ๒๕๖๔
๑๖๘	ตะกรุดไม่ทราบชื่อ เลี่ยมทอง	๑ องค์	นางสาวนภษร เนื้อเอ็น และ นายธชธร เนื้อเอ็น	๓๕,๐๐๐ บาท (ณ วันที่ ๑ เมษายน ๒๕๖๔)	ทรัพย์สินรายการที่ ๑๖๘ ตามคำสั่งคณะกรรมการธุรกรรมที่ ย.๔๐/๒๕๖๔ ลง วันที่ ๒๔ มีนาคม ๒๕๖๔
๑๖๙	หลวงปู่ดู่ วัดท่าฬ่อ พระไม่แท้	๓๒ องค์	นางสาวนภษร เนื้อเอ็น และ นายธชธร เนื้อเอ็น	๐ บาท (ณ วันที่ ๑ เมษายน ๒๕๖๔)	ทรัพย์สินรายการที่ ๑๖๙ ตามคำสั่งคณะกรรมการธุรกรรมที่ ย.๔๐/๒๕๖๔ ลง วันที่ ๒๔ มีนาคม ๒๕๖๔
๑๗๐	พระปิดตาพิมพ์สังกัจจายน์ หน้าทอง เนื้อว่าน องค์ละ ๓,๐๐๐ บาท	๘ องค์	นางสาวนภษร เนื้อเอ็น และ นายธชธร เนื้อเอ็น	๒๔,๐๐๐ บาท (ณ วันที่ ๑ เมษายน ๒๕๖๔)	ทรัพย์สินรายการที่ ๑๗๐ ตามคำสั่งคณะกรรมการธุรกรรมที่ ย.๔๐/๒๕๖๔ ลง วันที่ ๒๔ มีนาคม ๒๕๖๔
๑๗๑	หลวงพ่อเงิน วัดบางคลาน รุ่นปืนแตก พระไม่แท้ เลี่ยมทอง ราคากรอบทอง	๑ องค์	นางสาวนภษร เนื้อเอ็น และ นายธชธร เนื้อเอ็น	๒๕,๐๐๐ บาท (ณ วันที่ ๑ เมษายน ๒๕๖๔)	ทรัพย์สินรายการที่ ๑๗๑ ตามคำสั่งคณะกรรมการธุรกรรมที่ ย.๔๐/๒๕๖๔ ลง วันที่ ๒๔ มีนาคม ๒๕๖๔
๑๗๒	เหรียญหลวงพ่อเงิน วัดบางคลาน เนื้อทองคำ เลี่ยมทอง พระทองคำ น้ำหนักรวม ๒๓.๕๖ กรัม	๑ องค์	นางสาวนภษร เนื้อเอ็น และ นายธชธร เนื้อเอ็น	๗๐,๐๐๐ บาท (ณ วันที่ ๑ เมษายน ๒๕๖๔)	ทรัพย์สินรายการที่ ๑๗๒ ตามคำสั่งคณะกรรมการธุรกรรมที่ ย.๔๐/๒๕๖๔ ลง วันที่ ๒๔ มีนาคม ๒๕๖๔
๑๗๓	เหรียญหลวงพ่อเงิน วัดบางคลาน เนื้อนวะ เลี่ยมทอง	๑ องค์	นางสาวนภษร เนื้อเอ็น และ นายธชธร เนื้อเอ็น	๒๕,๐๐๐ บาท (ณ วันที่ ๑ เมษายน ๒๕๖๔)	ทรัพย์สินรายการที่ ๑๗๓ ตามคำสั่งคณะกรรมการธุรกรรมที่ ย.๔๐/๒๕๖๔ ลง วันที่ ๒๔ มีนาคม ๒๕๖๔
๑๗๔	เหรียญหลวงพ่อเงิน วัดบางคลาน เนื้อเงิน	๑ องค์	นางสาวนภษร เนื้อเอ็น และ นายธชธร เนื้อเอ็น	๑๕,๐๐๐ บาท (ณ วันที่ ๑ เมษายน ๒๕๖๔)	ทรัพย์สินรายการที่ ๑๗๔ ตามคำสั่งคณะกรรมการธุรกรรมที่ ย.๔๐/๒๕๖๔ ลง วันที่ ๒๔ มีนาคม ๒๕๖๔
๑๗๕	หลวงพ่อเงิน วัดบางคลาน พระไม่แท้ เลี่ยมทอง ราคากรอบทอง	๑ องค์	นางสาวนภษร เนื้อเอ็น และ นายธชธร เนื้อเอ็น	๒๐,๐๐๐ บาท (ณ วันที่ ๑ เมษายน ๒๕๖๔)	ทรัพย์สินรายการที่ ๑๗๕ ตามคำสั่งคณะกรรมการธุรกรรมที่ ย.๔๐/๒๕๖๔ ลง วันที่ ๒๔ มีนาคม ๒๕๖๔
๑๗๖	หลวงพ่อเพชร วัดท่าถนน รุ่น ว.ศ.อ.ต. เนื้อทองแดง เลี่ยมทอง	๑ องค์	นางสาวนภษร เนื้อเอ็น และ นายธชธร เนื้อเอ็น	๓๕,๐๐๐ บาท (ณ วันที่ ๑ เมษายน ๒๕๖๔)	ทรัพย์สินรายการที่ ๑๗๖ ตามคำสั่งคณะกรรมการธุรกรรมที่ ย.๔๐/๒๕๖๔ ลง วันที่ ๒๔ มีนาคม ๒๕๖๔
๑๗๗	พระรอดลำพูน พระไม่แท้ เลี่ยมทอง ราคากรอบทอง	๑ องค์	นางสาวนภษร เนื้อเอ็น และ นายธชธร เนื้อเอ็น	๔,๐๐๐ บาท (ณ วันที่ ๑ เมษายน ๒๕๖๔)	ทรัพย์สินรายการที่ ๑๗๗ ตามคำสั่งคณะกรรมการธุรกรรมที่ ย.๔๐/๒๕๖๔ ลง วันที่ ๒๔ มีนาคม ๒๕๖๔
๑๗๘	หลวงพ่อตงเหรียญเงิน วัดบางวาด รุ่นพิเศษ เลี่ยมสีทอง	๑ องค์	นางสาวนภษร เนื้อเอ็น และ นายธชธร เนื้อเอ็น	๒๕,๐๐๐ บาท (ณ วันที่ ๑ เมษายน ๒๕๖๔)	ทรัพย์สินรายการที่ ๑๗๘ ตามคำสั่งคณะกรรมการธุรกรรมที่ ย.๔๐/๒๕๖๔ ลง วันที่ ๒๔ มีนาคม ๒๕๖๔
๑๗๙	วัดปากน้ำ รุ่นหก เลี่ยมทอง	๑ องค์	นางสาวนภษร เนื้อเอ็น และ นายธชธร เนื้อเอ็น	๗,๐๐๐ บาท (ณ วันที่ ๑ เมษายน ๒๕๖๔)	ทรัพย์สินรายการที่ ๑๗๙ ตามคำสั่งคณะกรรมการธุรกรรมที่ ย.๔๐/๒๕๖๔ ลง วันที่ ๒๔ มีนาคม ๒๕๖๔
๑๘๐	วัดปากน้ำ รุ่นสี่ เลี่ยมทอง	๑ องค์	นางสาวนภษร เนื้อเอ็น และ นายธชธร เนื้อเอ็น	๑๐,๐๐๐ บาท (ณ วันที่ ๑ เมษายน ๒๕๖๔)	ทรัพย์สินรายการที่ ๑๘๐ ตามคำสั่งคณะกรรมการธุรกรรมที่ ย.๔๐/๒๕๖๔ ลง วันที่ ๒๔ มีนาคม ๒๕๖๔
๑๘๑	หลวงพ่อคูณ วัดบ้านไร่ สมเด็จหลังยันต์น้ำเต้า ตลับทอง	๑ องค์	นางสาวนภษร เนื้อเอ็น และ นายธชธร เนื้อเอ็น	๑๒๐,๐๐๐ บาท (ณ วันที่ ๑ เมษายน ๒๕๖๔)	ทรัพย์สินรายการที่ ๑๘๑ ตามคำสั่งคณะกรรมการธุรกรรมที่ ย.๔๐/๒๕๖๔ ลง วันที่ ๒๔ มีนาคม ๒๕๖๔
๑๘๒	หลวงพ่อโสธร ๒๕๔๓ พระกริ่ง เลี่ยมทอง	๑ องค์	นางสาวนภษร เนื้อเอ็น และ นายธชธร เนื้อเอ็น	๑๒,๐๐๐ บาท (ณ วันที่ ๑ เมษายน ๒๕๖๔)	ทรัพย์สินรายการที่ ๑๘๒ ตามคำสั่งคณะกรรมการธุรกรรมที่ ย.๔๐/๒๕๖๔ ลง วันที่ ๒๔ มีนาคม ๒๕๖๔
๑๘๓	หลวงปู่หมุน วัดบ้านจาน รุ่นดวงเศรษฐีเสาร์ห้า	๑ องค์	นางสาวนภษร เนื้อเอ็น และ นายธชธร เนื้อเอ็น	๓๕,๐๐๐ บาท (ณ วันที่ ๑ เมษายน ๒๕๖๔)	ทรัพย์สินรายการที่ ๑๘๓ ตามคำสั่งคณะกรรมการธุรกรรมที่ ย.๔๐/๒๕๖๔ ลง วันที่ ๒๔ มีนาคม ๒๕๖๔
๑๘๔	เหรียญเม็ดแตง วัดบางคลาน หลวงพ่อเงิน หลังพระครูพิศาลองค์ องค์ละ ๓,๐๐๐ บาท	๓ องค์	นางสาวนภษร เนื้อเอ็น และ นายธชธร เนื้อเอ็น	๙,๐๐๐ บาท (ณ วันที่ ๑ เมษายน ๒๕๖๔)	ทรัพย์สินรายการที่ ๑๘๔ ตามคำสั่งคณะกรรมการธุรกรรมที่ ย.๔๐/๒๕๖๔ ลง วันที่ ๒๔ มีนาคม ๒๕๖๔
๑๘๕	หลวงปู่หมุน วัดบ้านจาน รุ่นดวงเศรษฐีมั่นปู	๑ องค์	นางสาวนภษร เนื้อเอ็น และ นายธชธร เนื้อเอ็น	๒๕,๐๐๐ บาท (ณ วันที่ ๑ เมษายน ๒๕๖๔)	ทรัพย์สินรายการที่ ๑๘๕ ตามคำสั่งคณะกรรมการธุรกรรมที่ ย.๔๐/๒๕๖๔ ลง วันที่ ๒๔ มีนาคม ๒๕๖๔
๑๘๖	หลวงปู่หมุน รุ่นดวงเศรษฐีเสาร์ห้ากะไหล่เงิน	๑ องค์	นางสาวนภษร เนื้อเอ็น และ นายธชธร เนื้อเอ็น	๒๕,๐๐๐ บาท (ณ วันที่ ๑ เมษายน ๒๕๖๔)	ทรัพย์สินรายการที่ ๑๘๖ ตามคำสั่งคณะกรรมการธุรกรรมที่ ย.๔๐/๒๕๖๔ ลง วันที่ ๒๔ มีนาคม ๒๕๖๔
๑๘๗	หลวงปู่หมุน วัดบ้านจาน รุ่นดวงเศรษฐีเนื้อทองแดงผิวไฟ	๑ องค์	นางสาวนภษร เนื้อเอ็น และ นายธชธร เนื้อเอ็น	๒๐,๐๐๐ บาท (ณ วันที่ ๑ เมษายน ๒๕๖๔)	ทรัพย์สินรายการที่ ๑๘๗ ตามคำสั่งคณะกรรมการธุรกรรมที่ ย.๔๐/๒๕๖๔ ลง วันที่ ๒๔ มีนาคม ๒๕๖๔
๑๘๘	หลวงปู่หมุน รุ่นดวงเศรษฐีเสาร์ห้าเนื้อผง	๑ องค์	นางสาวนภษร เนื้อเอ็น และ นายธชธร เนื้อเอ็น	๑๐,๐๐๐ บาท (ณ วันที่ ๑ เมษายน ๒๕๖๔)	ทรัพย์สินรายการที่ ๑๘๘ ตามคำสั่งคณะกรรมการธุรกรรมที่ ย.๔๐/๒๕๖๔ ลง วันที่ ๒๔ มีนาคม ๒๕๖๔
๑๘๙	หลวงปู่หมุน วัดบ้านจาน เนื้อสามกษัตริย์	๑ องค์	นางสาวนภษร เนื้อเอ็น และ นายธชธร เนื้อเอ็น	๑๕,๐๐๐ บาท (ณ วันที่ ๑ เมษายน ๒๕๖๔)	ทรัพย์สินรายการที่ ๑๘๙ ตามคำสั่งคณะกรรมการธุรกรรมที่ ย.๔๐/๒๕๖๔ ลง วันที่ ๒๔ มีนาคม ๒๕๖๔
๑๙๐	หลวงปู่หมุน รุ่นดวงเศรษฐีเสาร์ห้าเนื้อผง	๑ องค์	นางสาวนภษร เนื้อเอ็น และ นายธชธร เนื้อเอ็น	๑๐,๐๐๐ บาท (ณ วันที่ ๑ เมษายน ๒๕๖๔)	ทรัพย์สินรายการที่ ๑๙๐ ตามคำสั่งคณะกรรมการธุรกรรมที่ ย.๔๐/๒๕๖๔ ลง วันที่ ๒๔ มีนาคม ๒๕๖๔
๑๙๑	พระนาคปรก พระเกจิ เนื้อทองแดง เงิน, กะไหล่ทอง สามองค์	๓ องค์	นางสาวนภษร เนื้อเอ็น และ นายธชธร เนื้อเอ็น	๖,๐๐๐ บาท (ณ วันที่ ๑ เมษายน ๒๕๖๔)	ทรัพย์สินรายการที่ ๑๙๑ ตามคำสั่งคณะกรรมการธุรกรรมที่ ย.๔๐/๒๕๖๔ ลง วันที่ ๒๔ มีนาคม ๒๕๖๔
๑๙๒	หลวงปู่หมุน รุ่นดวงเศรษฐี หมุนเงิน หมุนทอง เนื้อเงิน ๒๕๕๖	๑ องค์	นางสาวนภษร เนื้อเอ็น และ นายธชธร เนื้อเอ็น	๕,๐๐๐ บาท (ณ วันที่ ๑ เมษายน ๒๕๖๔)	ทรัพย์สินรายการที่ ๑๙๒ ตามคำสั่งคณะกรรมการธุรกรรมที่ ย.๔๐/๒๕๖๔ ลง วันที่ ๒๔ มีนาคม ๒๕๖๔
๑๙๓	พระปิดตาหลวงปู่เอี่ยม เนื้อผง วัดสัมปทวนนอก จ.ฉะเชิงเทรา	๑ องค์	นางสาวนภษร เนื้อเอ็น และ นายธชธร เนื้อเอ็น	๓,๐๐๐ บาท (ณ วันที่ ๑ เมษายน ๒๕๖๔)	ทรัพย์สินรายการที่ ๑๙๓ ตามคำสั่งคณะกรรมการธุรกรรมที่ ย.๔๐/๒๕๖๔ ลง วันที่ ๒๔ มีนาคม ๒๕๖๔
๑๙๔	ลูกอมผงพราย หลวงปู่ทิม วัดละหารไร่ พระไม่แท้	๑ องค์	นางสาวนภษร เนื้อเอ็น และ นายธชธร เนื้อเอ็น	๐ บาท (ณ วันที่ ๑ เมษายน ๒๕๖๔)	ทรัพย์สินรายการที่ ๑๙๔ ตามคำสั่งคณะกรรมการธุรกรรมที่ ย.๔๐/๒๕๖๔ ลง วันที่ ๒๔ มีนาคม ๒๕๖๔
๑๙๕	หลวงพ่อเพชรพิจิตร พิมพ์มือกลาง พระไม่แท้	๑ องค์	นางสาวนภษร เนื้อเอ็น และ นายธชธร เนื้อเอ็น	๐ บาท (ณ วันที่ ๑ เมษายน ๒๕๖๔)	ทรัพย์สินรายการที่ ๑๙๕ ตามคำสั่งคณะกรรมการธุรกรรมที่ ย.๔๐/๒๕๖๔ ลง วันที่ ๒๔ มีนาคม ๒๕๖๔
๑๙๖	ตะกรุดหลวงพ่อตง วัดบางกะพ้อม ไม่แท้ ใส่กรอบ ราคากรอบ	๑ องค์	นางสาวนภษร เนื้อเอ็น และ นายธชธร เนื้อเอ็น	๑,๕๐๐ บาท (ณ วันที่ ๑ เมษายน ๒๕๖๔)	ทรัพย์สินรายการที่ ๑๙๖ ตามคำสั่งคณะกรรมการธุรกรรมที่ ย.๔๐/๒๕๖๔ ลง วันที่ ๒๔ มีนาคม ๒๕๖๔
๑๙๗	พระปิดตาหลวงปู่เอี่ยม เนื้อผง วัดสัมปทวนนอก จ.ฉะเชิงเทรา พระไม่แท้	๑ องค์	นางสาวนภษร เนื้อเอ็น และ นายธชธร เนื้อเอ็น	๐ บาท (ณ วันที่ ๑ เมษายน ๒๕๖๔)	ทรัพย์สินรายการที่ ๑๙๗ ตามคำสั่งคณะกรรมการธุรกรรมที่ ย.๔๐/๒๕๖๔ ลง วันที่ ๒๔ มีนาคม ๒๕๖๔
๑๙๘	หลวงพ่อเงิน วัดบางคลาน เนื้อดิน พระไม่แท้ ตลับเงินลงยา ราคาตลับเงินลงยา	๑ องค์	นางสาวนภษร เนื้อเอ็น และ นายธชธร เนื้อเอ็น	๒,๐๐๐ บาท (ณ วันที่ ๑ เมษายน ๒๕๖๔)	ทรัพย์สินรายการที่ ๑๙๘ ตามคำสั่งคณะกรรมการธุรกรรมที่ ย.๔๐/๒๕๖๔ ลง วันที่ ๒๔ มีนาคม ๒๕๖๔
๑๙๙	หลวงพ่อเพชร พิจิตร พระไม่แท้	๑ องค์	นางสาวนภษร เนื้อเอ็น และ นายธชธร เนื้อเอ็น	๐ บาท (ณ วันที่ ๑ เมษายน ๒๕๖๔)	ทรัพย์สินรายการที่ ๑๙๙ ตามคำสั่งคณะกรรมการธุรกรรมที่ ย.๔๐/๒๕๖๔ ลง วันที่ ๒๔ มีนาคม ๒๕๖๔
๒๐๐	หลวงพ่อเพชร พิจิตร พระไม่แท้	๑ องค์	นางสาวนภษร เนื้อเอ็น และ นายธชธร เนื้อเอ็น	๐ บาท (ณ วันที่ ๑ เมษายน ๒๕๖๔)	ทรัพย์สินรายการที่ ๒๐๐ ตามคำสั่งคณะกรรมการธุรกรรมที่ ย.๔๐/๒๕๖๔ ลง วันที่ ๒๔ มีนาคม ๒๕๖๔
๒๐๑	รูปหล่อหลวงพ่อจง วัดหน้าต่างนอก	๑ องค์	นางสาวนภษร เนื้อเอ็น และ นายธชธร เนื้อเอ็น	๕,๐๐๐ บาท (ณ วันที่ ๑ เมษายน ๒๕๖๔)	ทรัพย์สินรายการที่ ๒๐๑ ตามคำสั่งคณะกรรมการธุรกรรมที่ ย.๔๐/๒๕๖๔ ลง วันที่ ๒๔ มีนาคม ๒๕๖๔
๒๐๒	หลวงพ่อทบ วัดชนแดน รุ่นหัวไม้ขีด	๑ องค์	นางสาวนภษร เนื้อเอ็น และ นายธชธร เนื้อเอ็น	๒๕,๐๐๐ บาท (ณ วันที่ ๑ เมษายน ๒๕๖๔)	ทรัพย์สินรายการที่ ๒๐๒ ตามคำสั่งคณะกรรมการธุรกรรมที่ ย.๔๐/๒๕๖๔ ลง วันที่ ๒๔ มีนาคม ๒๕๖๔
๒๐๓	เหรียญนครปฐมพิมพ์คันธราช	๑ องค์	นางสาวนภษร เนื้อเอ็น และ นายธชธร เนื้อเอ็น	๑๕,๐๐๐ บาท (ณ วันที่ ๑ เมษายน ๒๕๖๔)	ทรัพย์สินรายการที่ ๒๐๓ ตามคำสั่งคณะกรรมการธุรกรรมที่ ย.๔๐/๒๕๖๔ ลง วันที่ ๒๔ มีนาคม ๒๕๖๔
๒๐๔	หลวงพ่อเดิมงาแกะ พิมพ์นางกวัก	๑ องค์	นางสาวนภษร เนื้อเอ็น และ นายธชธร เนื้อเอ็น	๒๕,๐๐๐ บาท (ณ วันที่ ๑ เมษายน ๒๕๖๔)	ทรัพย์สินรายการที่ ๒๐๔ ตามคำสั่งคณะกรรมการธุรกรรมที่ ย.๔๐/๒๕๖๔ ลง วันที่ ๒๔ มีนาคม ๒๕๖๔
๒๐๕	เต่าหลวงพ่อหลิว วัดไร่แตงทอง รุ่นสุขใจ เนื้อทองแดง	๑ องค์	นางสาวนภษร เนื้อเอ็น และ นายธชธร เนื้อเอ็น	๔,๐๐๐ บาท (ณ วันที่ ๑ เมษายน ๒๕๖๔)	ทรัพย์สินรายการที่ ๒๐๕ ตามคำสั่งคณะกรรมการธุรกรรมที่ ย.๔๐/๒๕๖๔ ลง วันที่ ๒๔ มีนาคม ๒๕๖๔
๒๐๖	พระประจำเจ้าคุณศรี วัดสุทัศน์ ปางห้ามสมุทร	๑ องค์	นางสาวนภษร เนื้อเอ็น และ นายธชธร เนื้อเอ็น	๕,๐๐๐ บาท (ณ วันที่ ๑ เมษายน ๒๕๖๔)	ทรัพย์สินรายการที่ ๒๐๖ ตามคำสั่งคณะกรรมการธุรกรรมที่ ย.๔๐/๒๕๖๔ ลง วันที่ ๒๔ มีนาคม ๒๕๖๔
๒๐๗	หลวงพ่อโสธร กริ่งเล็กมีกำไลข้อเท้า ปี ๑๕	๑ องค์	นางสาวนภษร เนื้อเอ็น และ นายธชธร เนื้อเอ็น	๔,๐๐๐ บาท (ณ วันที่ ๑ เมษายน ๒๕๖๔)	ทรัพย์สินรายการที่ ๒๐๗ ตามคำสั่งคณะกรรมการธุรกรรมที่ ย.๔๐/๒๕๖๔ ลง วันที่ ๒๔ มีนาคม ๒๕๖๔
๒๐๘	มีดหมอหลวงพ่อเดิม วัดหนองโพ ด้ามงาสีกงา ยาว ๔ นิ้วครึ่ง	๑ เล่ม	นางสาวนภษร เนื้อเอ็น และ นายธชธร เนื้อเอ็น	๒๐๐,๐๐๐ บาท (ณ วันที่ ๑ เมษายน ๒๕๖๔)	ทรัพย์สินรายการที่ ๒๐๘ ตามคำสั่งคณะกรรมการธุรกรรมที่ ย.๔๐/๒๕๖๔ ลง วันที่ ๒๔ มีนาคม ๒๕๖๔
๒๐๙	หลวงปู่ดู่ วัดท่าฬ่อ พระไม่แท้	๑ องค์	นางสาวนภษร เนื้อเอ็น และ นายธชธร เนื้อเอ็น	๐ บาท (ณ วันที่ ๑ เมษายน ๒๕๖๔)	ทรัพย์สินรายการที่ ๒๐๙ ตามคำสั่งคณะกรรมการธุรกรรมที่ ย.๔๐/๒๕๖๔ ลง วันที่ ๒๔ มีนาคม ๒๕๖๔
๒๑๐	หลวงปู่ดู่ วัดท่าฬ่อ พระไม่แท้	๑ องค์	นางสาวนภษร เนื้อเอ็น และ นายธชธร เนื้อเอ็น	๐ บาท (ณ วันที่ ๑ เมษายน ๒๕๖๔)	ทรัพย์สินรายการที่ ๒๑๐ ตามคำสั่งคณะกรรมการธุรกรรมที่ ย.๔๐/๒๕๖๔ ลง วันที่ ๒๔ มีนาคม ๒๕๖๔
๒๑๑	เสือหลวงพ่อปานวัดคลองด่าน ศิลปะวัดกลาง	๑ องค์	นางสาวนภษร เนื้อเอ็น และ นายธชธร เนื้อเอ็น	๗๐,๐๐๐ บาท (ณ วันที่ ๑ เมษายน ๒๕๖๔)	ทรัพย์สินรายการที่ ๒๑๑ ตามคำสั่งคณะกรรมการธุรกรรมที่ ย.๔๐/๒๕๖๔ ลง วันที่ ๒๔ มีนาคม ๒๕๖๔
๒๑๒	นางพญาพิมพ์ฐานสูงเนื้อชินเงิน จ.สุโขทัย ตลับเงิน พระกรุ	๑ องค์	นางสาวนภษร เนื้อเอ็น และ นายธชธร เนื้อเอ็น	๒๕,๐๐๐ บาท (ณ วันที่ ๑ เมษายน ๒๕๖๔)	ทรัพย์สินรายการที่ ๒๑๒ ตามคำสั่งคณะกรรมการธุรกรรมที่ ย.๔๐/๒๕๖๔ ลง วันที่ ๒๔ มีนาคม ๒๕๖๔
๒๑๓	เขตุพนเนื้อชินเงิน ตลับเงิน	๑ องค์	นางสาวนภษร เนื้อเอ็น และ นายธชธร เนื้อเอ็น	๔,๐๐๐ บาท (ณ วันที่ ๑ เมษายน ๒๕๖๔)	ทรัพย์สินรายการที่ ๒๑๓ ตามคำสั่งคณะกรรมการธุรกรรมที่ ย.๔๐/๒๕๖๔ ลง วันที่ ๒๔ มีนาคม ๒๕๖๔
๒๑๔	พระนาคปรกชินเงิน จ.พิจิตร พระไม่แท้ ตลับเงิน ราคาตลับเงิน	๑ องค์	นางสาวนภษร เนื้อเอ็น และ นายธชธร เนื้อเอ็น	๒,๐๐๐ บาท (ณ วันที่ ๑ เมษายน ๒๕๖๔)	ทรัพย์สินรายการที่ ๒๑๔ ตามคำสั่งคณะกรรมการธุรกรรมที่ ย.๔๐/๒๕๖๔ ลง วันที่ ๒๔ มีนาคม ๒๕๖๔
๒๑๕	พระนางกวักเนื้อชินเงิน พระไม่แท้ ตลับเงิน ราคาตลับเงิน	๑ องค์	นางสาวนภษร เนื้อเอ็น และ นายธชธร เนื้อเอ็น	๒,๐๐๐ บาท (ณ วันที่ ๑ เมษายน ๒๕๖๔)	ทรัพย์สินรายการที่ ๒๑๕ ตามคำสั่งคณะกรรมการธุรกรรมที่ ย.๔๐/๒๕๖๔ ลง วันที่ ๒๔ มีนาคม ๒๕๖๔
๒๑๖	พระปรกโพธิ์ตะกั่วสนิมแดง กรุเชียงแสน จ.เชียงราย ตลับเงิน	๑ องค์	นางสาวนภษร เนื้อเอ็น และ นายธชธร เนื้อเอ็น	๑๘,๐๐๐ บาท (ณ วันที่ ๑ เมษายน ๒๕๖๔)	ทรัพย์สินรายการที่ ๒๑๖ ตามคำสั่งคณะกรรมการธุรกรรมที่ ย.๔๐/๒๕๖๔ ลง วันที่ ๒๔ มีนาคม ๒๕๖๔
๒๑๗	พระกริ่ง ภปร เนื้อนวะ	๑ องค์	นางสาวนภษร เนื้อเอ็น และ นายธชธร เนื้อเอ็น	๔,๐๐๐ บาท (ณ วันที่ ๑ เมษายน ๒๕๖๔)	ทรัพย์สินรายการที่ ๒๑๗ ตามคำสั่งคณะกรรมการธุรกรรมที่ ย.๔๐/๒๕๖๔ ลง วันที่ ๒๔ มีนาคม ๒๕๖๔
๒๑๘	พระเหริดขนนก กรุลพบุรี พระไม่แท้	๑ องค์	นางสาวนภษร เนื้อเอ็น และ นายธชธร เนื้อเอ็น	๐ บาท (ณ วันที่ ๑ เมษายน ๒๕๖๔)	ทรัพย์สินรายการที่ ๒๑๘ ตามคำสั่งคณะกรรมการธุรกรรมที่ ย.๔๐/๒๕๖๔ ลง วันที่ ๒๔ มีนาคม ๒๕๖๔
๒๑๙	สิงห์งาแกะหลวงพ่อเดิม พระไม่แท้	๑ องค์	นางสาวนภษร เนื้อเอ็น และ นายธชธร เนื้อเอ็น	๐ บาท (ณ วันที่ ๑ เมษายน ๒๕๖๔)	ทรัพย์สินรายการที่ ๒๑๙ ตามคำสั่งคณะกรรมการธุรกรรมที่ ย.๔๐/๒๕๖๔ ลง วันที่ ๒๔ มีนาคม ๒๕๖๔
๒๒๐	พระโคนสมอกรุวังหน้า เนื้อดิน พิมพ์ไสยาสน์ ตลับเงิน	๑ องค์	นางสาวนภษร เนื้อเอ็น และ นายธชธร เนื้อเอ็น	๑๕,๐๐๐ บาท (ณ วันที่ ๑ เมษายน ๒๕๖๔)	ทรัพย์สินรายการที่ ๒๒๐ ตามคำสั่งคณะกรรมการธุรกรรมที่ ย.๔๐/๒๕๖๔ ลง วันที่ ๒๔ มีนาคม ๒๕๖๔
๒๒๑	เขตุพนชินเงิน ตลับเงิน	๑ องค์	นางสาวนภษร เนื้อเอ็น และ นายธชธร เนื้อเอ็น	๖,๐๐๐ บาท (ณ วันที่ ๑ เมษายน ๒๕๖๔)	ทรัพย์สินรายการที่ ๒๒๑ ตามคำสั่งคณะกรรมการธุรกรรมที่ ย.๔๐/๒๕๖๔ ลง วันที่ ๒๔ มีนาคม ๒๕๖๔
๒๒๒	สุพรรณยอดวัด จ.สุพรรณ เนื้อชินเงิน ตลับเงิน	๑ องค์	นางสาวนภษร เนื้อเอ็น และ นายธชธร เนื้อเอ็น	๒,๐๐๐ บาท (ณ วันที่ ๑ เมษายน ๒๕๖๔)	ทรัพย์สินรายการที่ ๒๒๒ ตามคำสั่งคณะกรรมการธุรกรรมที่ ย.๔๐/๒๕๖๔ ลง วันที่ ๒๔ มีนาคม ๒๕๖๔
๒๒๓	พระชินเขียว เลี่ยมเงิน อยุธยา	๑ องค์	นางสาวนภษร เนื้อเอ็น และ นายธชธร เนื้อเอ็น	๓,๐๐๐ บาท (ณ วันที่ ๑ เมษายน ๒๕๖๔)	ทรัพย์สินรายการที่ ๒๒๓ ตามคำสั่งคณะกรรมการธุรกรรมที่ ย.๔๐/๒๕๖๔ ลง วันที่ ๒๔ มีนาคม ๒๕๖๔
๒๒๔	นางสุโขทัยชินเงิน ตลับเงิน	๒ องค์	นางสาวนภษร เนื้อเอ็น และ นายธชธร เนื้อเอ็น	๑๒,๐๐๐ บาท (ณ วันที่ ๑ เมษายน ๒๕๖๔)	ทรัพย์สินรายการที่ ๒๒๔ ตามคำสั่งคณะกรรมการธุรกรรมที่ ย.๔๐/๒๕๖๔ ลง วันที่ ๒๔ มีนาคม ๒๕๖๔
๒๒๕	เขตุพนเนื้อดิน ตลับเงิน	๑ องค์	นางสาวนภษร เนื้อเอ็น และ นายธชธร เนื้อเอ็น	๓,๐๐๐ บาท (ณ วันที่ ๑ เมษายน ๒๕๖๔)	ทรัพย์สินรายการที่ ๒๒๕ ตามคำสั่งคณะกรรมการธุรกรรมที่ ย.๔๐/๒๕๖๔ ลง วันที่ ๒๔ มีนาคม ๒๕๖๔
๒๒๖	พระพิจิตรข้างเม็ดชินเงิน ตลับเงิน	๑ องค์	นางสาวนภษร เนื้อเอ็น และ นายธชธร เนื้อเอ็น	๑๕,๐๐๐ บาท (ณ วันที่ ๑ เมษายน ๒๕๖๔)	ทรัพย์สินรายการที่ ๒๒๖ ตามคำสั่งคณะกรรมการธุรกรรมที่ ย.๔๐/๒๕๖๔ ลง วันที่ ๒๔ มีนาคม ๒๕๖๔
๒๒๗	พระร่วงนั่งเนื้อดิน พิษณุโลก เลี่ยมสแตนเลส	๑ องค์	นางสาวนภษร เนื้อเอ็น และ นายธชธร เนื้อเอ็น	๔,๐๐๐ บาท (ณ วันที่ ๑ เมษายน ๒๕๖๔)	ทรัพย์สินรายการที่ ๒๒๗ ตามคำสั่งคณะกรรมการธุรกรรมที่ ย.๔๐/๒๕๖๔ ลง วันที่ ๒๔ มีนาคม ๒๕๖๔
๒๒๘	พระกรุจุฬามณีพิมพ์หน้าบางหลังบาง พระไม่แท้ ตลับเงิน ราคาตลับเงิน	๑ องค์	นางสาวนภษร เนื้อเอ็น และ นายธชธร เนื้อเอ็น	๒,๐๐๐ บาท (ณ วันที่ ๑ เมษายน ๒๕๖๔)	ทรัพย์สินรายการที่ ๒๒๘ ตามคำสั่งคณะกรรมการธุรกรรมที่ ย.๔๐/๒๕๖๔ ลง วันที่ ๒๔ มีนาคม ๒๕๖๔
